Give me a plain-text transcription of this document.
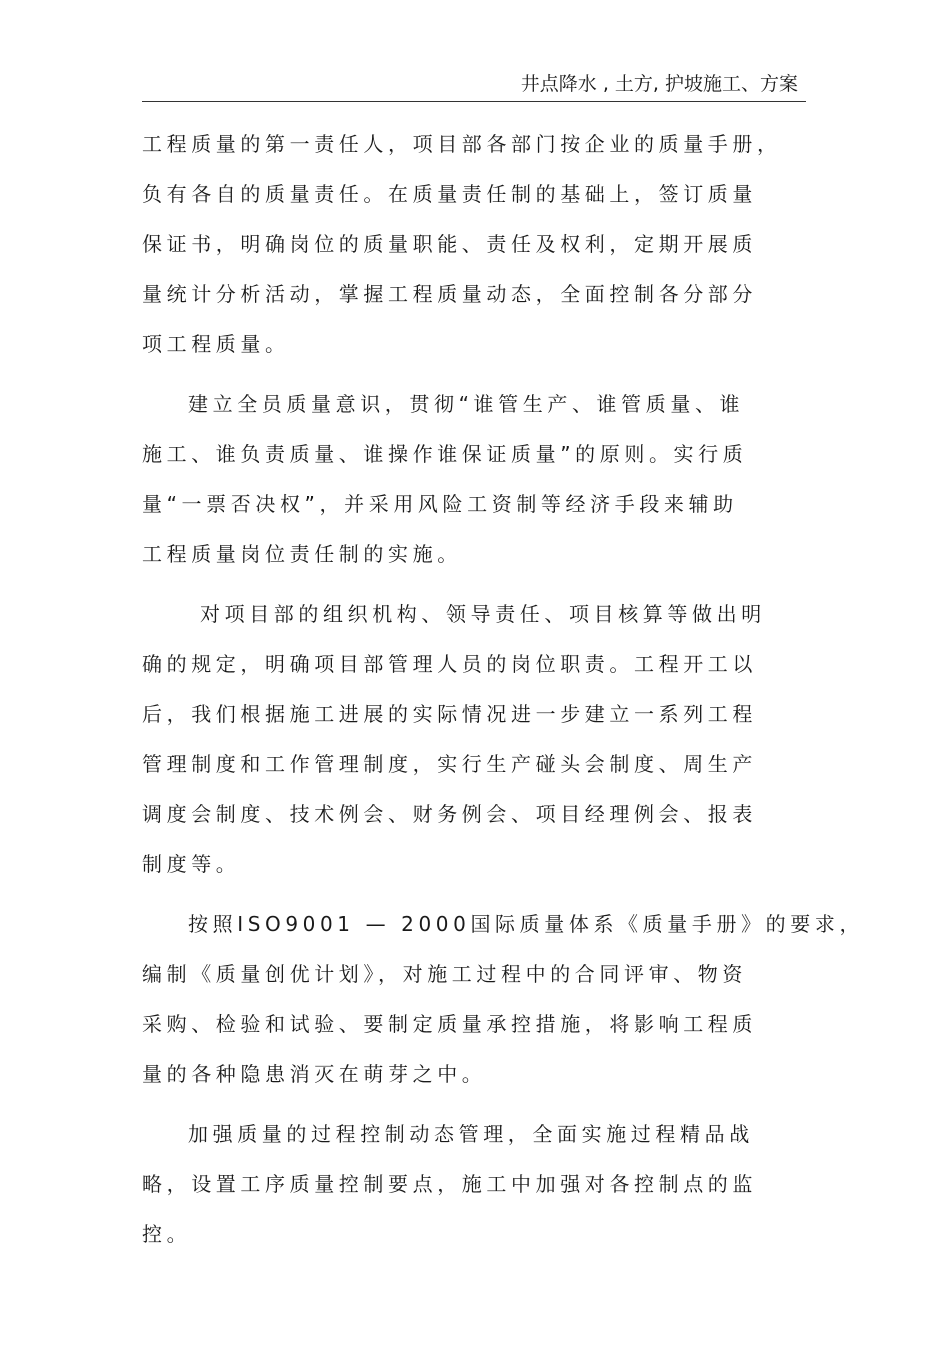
井点降水 , 土方, 护坡施工、方案
工程质量的第一责任人，项目部各部门按企业的质量手册，
负有各自的质量责任。在质量责任制的基础上，签订质量
保证书，明确岗位的质量职能、责任及权利，定期开展质
量统计分析活动，掌握工程质量动态，全面控制各分部分
项工程质量。
建立全员质量意识，贯彻“谁管生产、谁管质量、谁
施工、谁负责质量、谁操作谁保证质量”的原则。实行质
量“一票否决权”，并采用风险工资制等经济手段来辅助
工程质量岗位责任制的实施。
对项目部的组织机构、领导责任、项目核算等做出明
确的规定，明确项目部管理人员的岗位职责。工程开工以
后，我们根据施工进展的实际情况进一步建立一系列工程
管理制度和工作管理制度，实行生产碰头会制度、周生产
调度会制度、技术例会、财务例会、项目经理例会、报表
制度等。
按照ISO9001 — 2000国际质量体系《质量手册》的要求，
编制《质量创优计划》，对施工过程中的合同评审、物资
采购、检验和试验、要制定质量承控措施，将影响工程质
量的各种隐患消灭在萌芽之中。
加强质量的过程控制动态管理，全面实施过程精品战
略，设置工序质量控制要点，施工中加强对各控制点的监
控。
